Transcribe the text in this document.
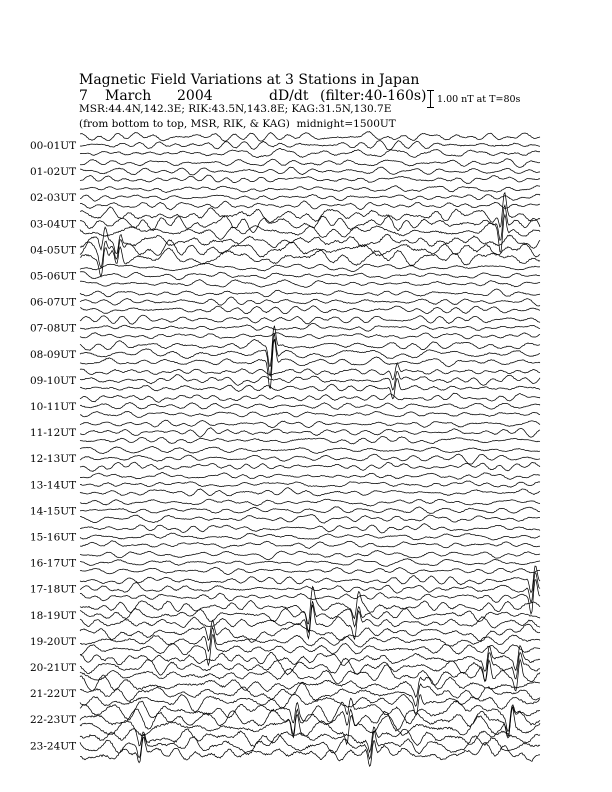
Magnetic Field Variations at 3 Stations in Japan
7 March 2004	dD/dt (filter:40-160s)
MSR:44.4N,142.3E; RIK:43.5N,143.8E; KAG:31.5N,130.7E
(from bottom to top, MSR, RIK, & KAG) midnight=1500UT
1.00 nT at T=80s
00-01UT
01-02UT
02-03UT
03-04UT
04-05UT
05-06UT
06-07UT
07-08UT
08-09UT
09-10UT
10-11UT
11-12UT
12-13UT
13-14UT
14-15UT
15-16UT
16-17UT
17-18UT
18-19UT
19-20UT
20-21UT
21-22UT
22-23UT
23-24UT
